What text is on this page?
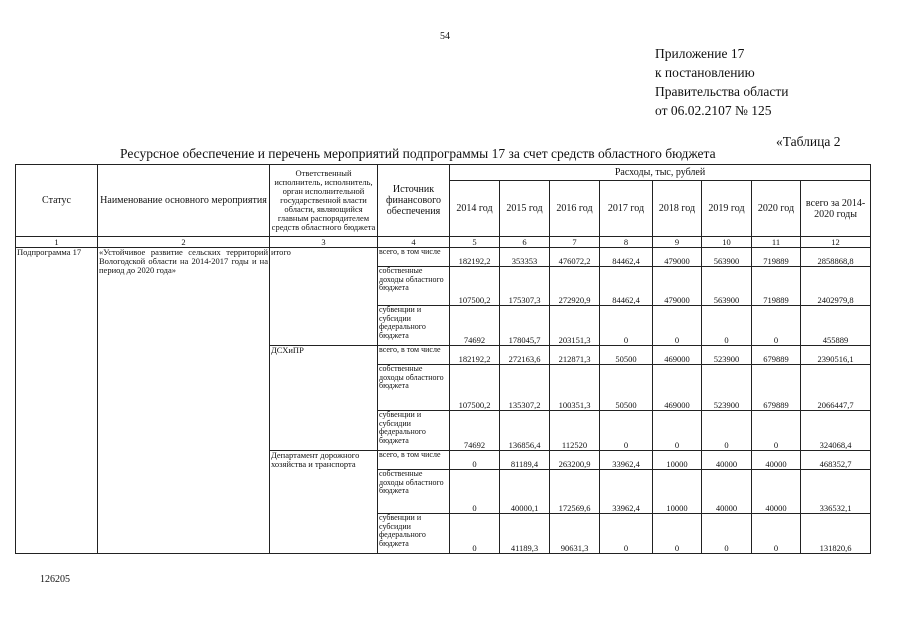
54
Приложение 17
к постановлению
Правительства области
от 06.02.2107 № 125
«Таблица 2
Ресурсное обеспечение и перечень мероприятий подпрограммы 17 за счет средств областного бюджета
Статус	Наименование основного мероприятия	Ответственный исполнитель, исполнитель, орган исполнительной государственной власти области, являющийся главным распорядителем средств областного бюджета	Источник финансового обеспечения	Расходы, тыс, рублей							
				2014 год	2015 год	2016 год	2017 год	2018 год	2019 год	2020 год	всего за 2014-2020 годы
1	2	3	4	5	6	7	8	9	10	11	12
Подпрограмма 17	«Устойчивое развитие сельских территорий Вологодской области на 2014-2017 годы и на период до 2020 года»	итого	всего, в том числе	182192,2	353353	476072,2	84462,4	479000	563900	719889	2858868,8
			собственные доходы областного бюджета	107500,2	175307,3	272920,9	84462,4	479000	563900	719889	2402979,8
			субвенции и субсидии федерального бюджета	74692	178045,7	203151,3	0	0	0	0	455889
		ДСХиПР	всего, в том числе	182192,2	272163,6	212871,3	50500	469000	523900	679889	2390516,1
			собственные доходы областного бюджета	107500,2	135307,2	100351,3	50500	469000	523900	679889	2066447,7
			субвенции и субсидии федерального бюджета	74692	136856,4	112520	0	0	0	0	324068,4
		Департамент дорожного хозяйства и транспорта	всего, в том числе	0	81189,4	263200,9	33962,4	10000	40000	40000	468352,7
			собственные доходы областного бюджета	0	40000,1	172569,6	33962,4	10000	40000	40000	336532,1
			субвенции и субсидии федерального бюджета	0	41189,3	90631,3	0	0	0	0	131820,6
126205
